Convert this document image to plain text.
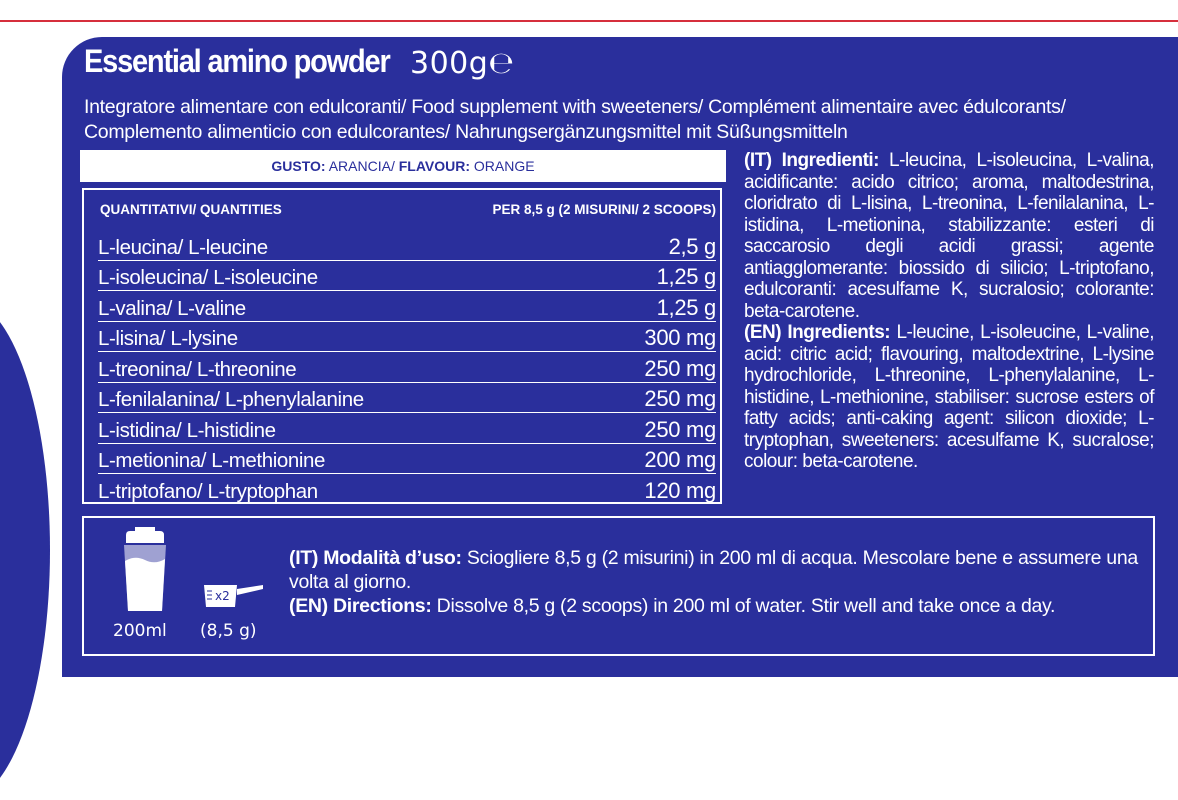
Essential amino powder 300g℮
Integratore alimentare con edulcoranti/ Food supplement with sweeteners/ Complément alimentaire avec édulcorants/
Complemento alimenticio con edulcorantes/ Nahrungsergänzungsmittel mit Süßungsmitteln
GUSTO: ARANCIA/ FLAVOUR: ORANGE
QUANTITATIVI/ QUANTITIES	PER 8,5 g (2 MISURINI/ 2 SCOOPS)
L-leucina/ L-leucine	2,5 g
L-isoleucina/ L-isoleucine	1,25 g
L-valina/ L-valine	1,25 g
L-lisina/ L-lysine	300 mg
L-treonina/ L-threonine	250 mg
L-fenilalanina/ L-phenylalanine	250 mg
L-istidina/ L-histidine	250 mg
L-metionina/ L-methionine	200 mg
L-triptofano/ L-tryptophan	120 mg
(IT) Ingredienti: L-leucina, L-isoleucina, L-valina, acidificante: acido citrico; aroma, maltodestrina, cloridrato di L-lisina, L-treonina, L-fenilalanina, L-istidina, L-metionina, stabilizzante: esteri di saccarosio degli acidi grassi; agente antiagglomerante: biossido di silicio; L-triptofano, edulcoranti: acesulfame K, sucralosio; colorante: beta-carotene.
(EN) Ingredients: L-leucine, L-isoleucine, L-valine, acid: citric acid; flavouring, maltodextrine, L-lysine hydrochloride, L-threonine, L-phenylalanine, L-histidine, L-methionine, stabiliser: sucrose esters of fatty acids; anti-caking agent: silicon dioxide; L-tryptophan, sweeteners: acesulfame K, sucralose; colour: beta-carotene.
x2
200ml (8,5 g)
(IT) Modalità d’uso: Sciogliere 8,5 g (2 misurini) in 200 ml di acqua. Mescolare bene e assumere una volta al giorno.
(EN) Directions: Dissolve 8,5 g (2 scoops) in 200 ml of water. Stir well and take once a day.
